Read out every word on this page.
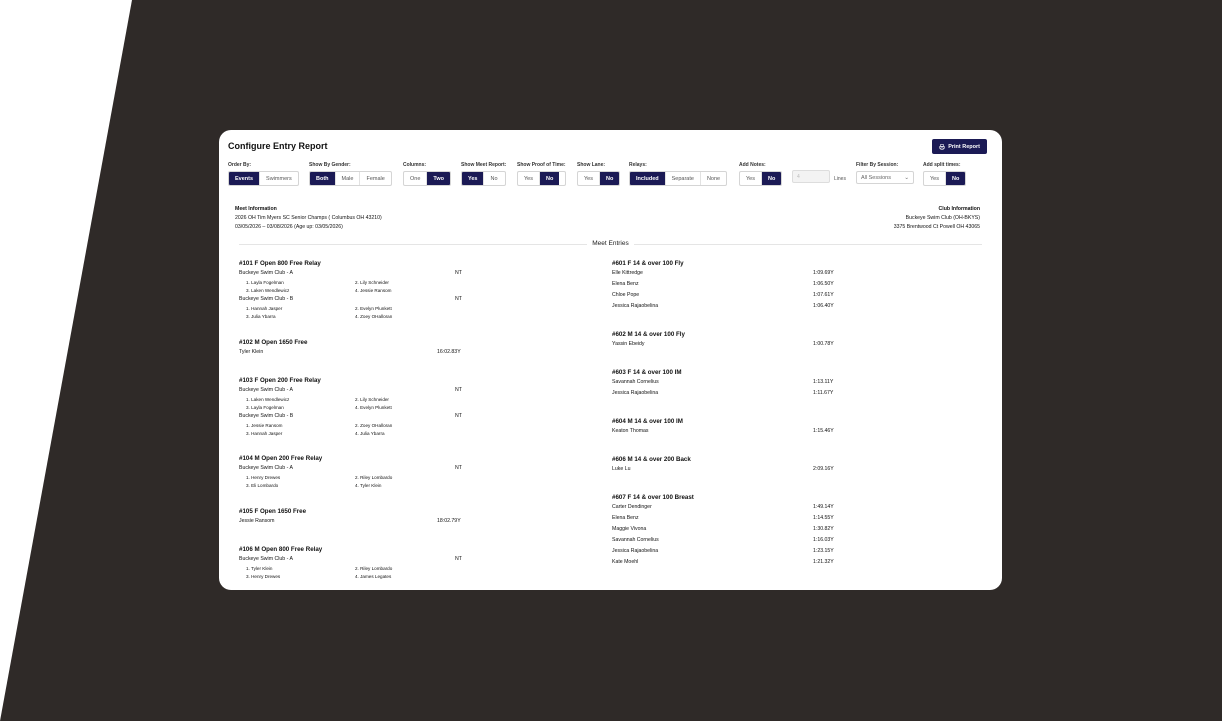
Configure Entry Report	Print Report
Order By:
Events	Swimmers
Show By Gender:
Both	Male	Female
Columns:
One	Two
Show Meet Report:
Yes	No
Show Proof of Time:
Yes	No
Show Lane:
Yes	No
Relays:
Included	Separate	None
Add Notes:
Yes	No	4	Lines
Filter By Session:
All Sessions ⌄
Add split times:
Yes	No
Meet Information
2026 OH Tim Myers SC Senior Champs ( Columbus OH 43210)
03/05/2026 – 03/08/2026 (Age up: 03/05/2026)
Club Information
Buckeye Swim Club (OH-BKYS)
3375 Brentwood Ct Powell OH 43065
Meet Entries
#101 F Open 800 Free Relay
Buckeye Swim Club - A	NT
1. Layla Fogelman	2. Lily Schneider
3. Laken Wendlewicz	4. Jessie Ransom
Buckeye Swim Club - B	NT
1. Hannah Jasper	2. Evelyn Plunkett
3. Julia Ybarra	4. Zoey OHalloran
#102 M Open 1650 Free
Tyler Klein	16:02.83Y
#103 F Open 200 Free Relay
Buckeye Swim Club - A	NT
1. Laken Wendlewicz	2. Lily Schneider
3. Layla Fogelman	4. Evelyn Plunkett
Buckeye Swim Club - B	NT
1. Jessie Ransom	2. Zoey OHalloran
3. Hannah Jasper	4. Julia Ybarra
#104 M Open 200 Free Relay
Buckeye Swim Club - A	NT
1. Henry Drewes	2. Riley Lombardo
3. Eli Lombardo	4. Tyler Klein
#105 F Open 1650 Free
Jessie Ransom	18:02.79Y
#106 M Open 800 Free Relay
Buckeye Swim Club - A	NT
1. Tyler Klein	2. Riley Lombardo
3. Henry Drewes	4. James Legates
#601 F 14 & over 100 Fly
Elle Kittredge	1:09.69Y
Elena Benz	1:06.50Y
Chloe Pope	1:07.61Y
Jessica Rajaobelina	1:06.40Y
#602 M 14 & over 100 Fly
Yassin Ebeidy	1:00.78Y
#603 F 14 & over 100 IM
Savannah Cornelius	1:13.11Y
Jessica Rajaobelina	1:11.67Y
#604 M 14 & over 100 IM
Keaton Thomas	1:15.46Y
#606 M 14 & over 200 Back
Luke Lu	2:09.16Y
#607 F 14 & over 100 Breast
Carter Dendinger	1:49.14Y
Elena Benz	1:14.55Y
Maggie Vivona	1:30.82Y
Savannah Cornelius	1:16.03Y
Jessica Rajaobelina	1:23.15Y
Kate Moehl	1:21.32Y
